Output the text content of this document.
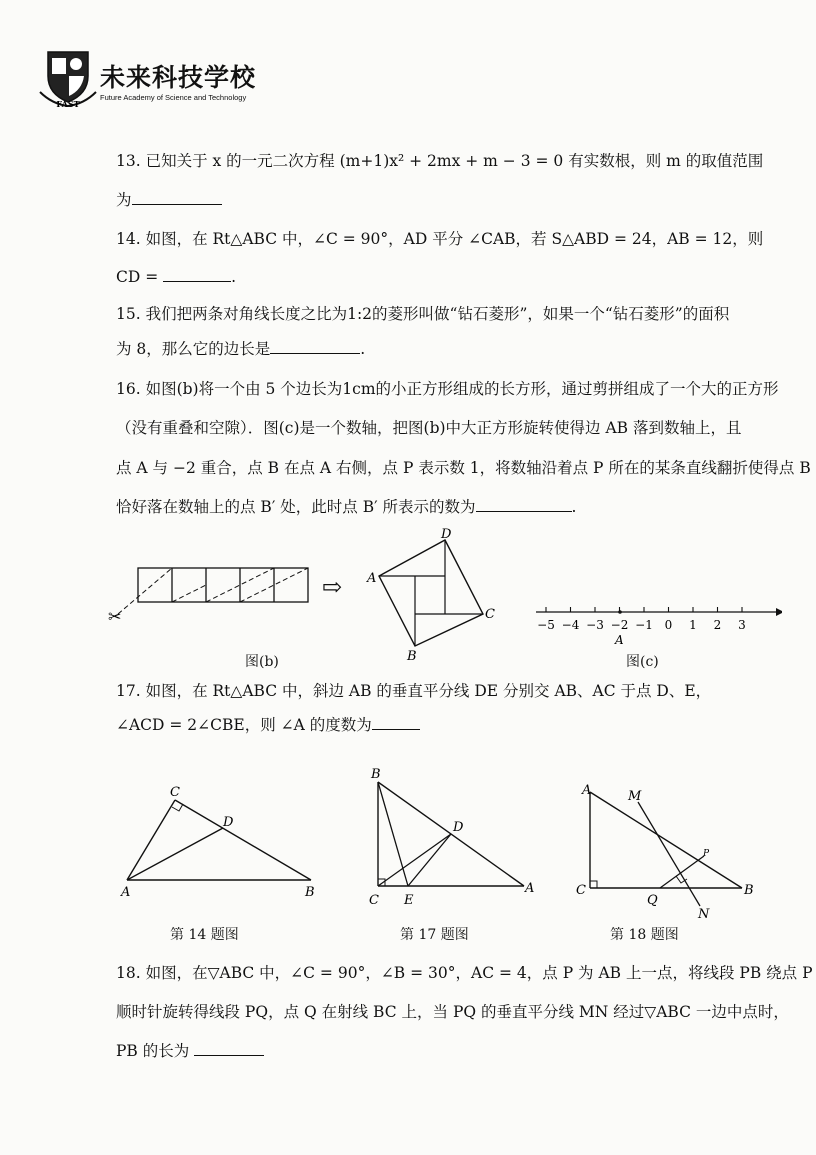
FAST
未来科技学校
Future Academy of Science and Technology
13. 已知关于 x 的一元二次方程 (m+1)x² + 2mx + m − 3 = 0 有实数根，则 m 的取值范围
为
14. 如图，在 Rt△ABC 中，∠C = 90°，AD 平分 ∠CAB，若 S△ABD = 24，AB = 12，则
CD =	.
15. 我们把两条对角线长度之比为1:2的菱形叫做“钻石菱形”，如果一个“钻石菱形”的面积
为 8，那么它的边长是	.
16. 如图(b)将一个由 5 个边长为1cm的小正方形组成的长方形，通过剪拼组成了一个大的正方形
（没有重叠和空隙）．图(c)是一个数轴，把图(b)中大正方形旋转使得边 AB 落到数轴上，且
点 A 与 −2 重合，点 B 在点 A 右侧，点 P 表示数 1，将数轴沿着点 P 所在的某条直线翻折使得点 B
恰好落在数轴上的点 B′ 处，此时点 B′ 所表示的数为	.
✂
⇨
D
A
C
B
图(b)
−5 −4 −3 −2 −1 0 1 2 3
A
图(c)
17. 如图，在 Rt△ABC 中，斜边 AB 的垂直平分线 DE 分别交 AB、AC 于点 D、E，
∠ACD = 2∠CBE，则 ∠A 的度数为
C
D
A	B
第 14 题图
B
D
C E
A
第 17 题图
A	M
P
C
Q
N
B
第 18 题图
18. 如图，在▽ABC 中，∠C = 90°，∠B = 30°，AC = 4，点 P 为 AB 上一点，将线段 PB 绕点 P
顺时针旋转得线段 PQ，点 Q 在射线 BC 上，当 PQ 的垂直平分线 MN 经过▽ABC 一边中点时，
PB 的长为
